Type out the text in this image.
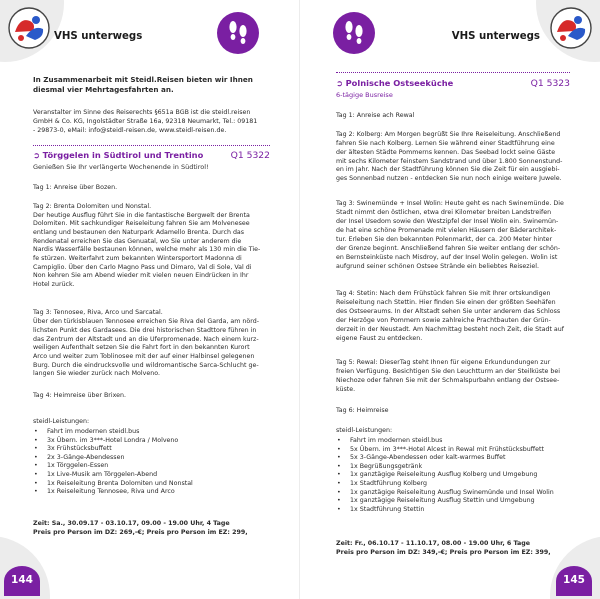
VHS unterwegs

In Zusammenarbeit mit Steidl.Reisen bieten wir Ihnen

diesmal vier Mehrtagesfahrten an.

Veranstalter im Sinne des Reiserechts §651a BGB ist die steidl.reisen

GmbH & Co. KG, Ingolstädter Straße 16a, 92318 Neumarkt, Tel.: 09181

- 29873-0, eMail: info@steidl-reisen.de, www.steidl-reisen.de.

➲ Törggelen in Südtirol und Trentino	Q1 5322
Genießen Sie Ihr verlängerte Wochenende in Südtirol!

Tag 1: Anreise über Bozen.

Tag 2: Brenta Dolomiten und Nonstal.

Der heutige Ausflug führt Sie in die fantastische Bergwelt der Brenta

Dolomiten. Mit sachkundiger Reiseleitung fahren Sie am Molvenesee

entlang und bestaunen den Naturpark Adamello Brenta. Durch das

Rendenatal erreichen Sie das Genuatal, wo Sie unter anderem die

Nardis Wasserfälle bestaunen können, welche mehr als 130 min die Tie-

fe stürzen. Weiterfahrt zum bekannten Wintersportort Madonna di

Campiglio. Über den Carlo Magno Pass und Dimaro, Val di Sole, Val di

Non kehren Sie am Abend wieder mit vielen neuen Eindrücken in Ihr

Hotel zurück.

Tag 3: Tennosee, Riva, Arco und Sarcatal.

Über den türkisblauen Tennosee erreichen Sie Riva del Garda, am nörd-

lichsten Punkt des Gardasees. Die drei historischen Stadttore führen in

das Zentrum der Altstadt und an die Uferpromenade. Nach einem kurz-

weiligen Aufenthalt setzen Sie die Fahrt fort in den bekannten Kurort

Arco und weiter zum Toblinosee mit der auf einer Halbinsel gelegenen

Burg. Durch die eindrucksvolle und wildromantische Sarca-Schlucht ge-

langen Sie wieder zurück nach Molveno.

Tag 4: Heimreise über Brixen.

steidl-Leistungen:

• Fahrt im modernen steidl.bus
• 3x Übern. im 3***-Hotel Londra / Molveno
• 3x Frühstücksbuffett
• 2x 3-Gänge-Abendessen
• 1x Törggelen-Essen
• 1x Live-Musik am Törggelen-Abend
• 1x Reiseleitung Brenta Dolomiten und Nonstal
• 1x Reiseleitung Tennosee, Riva und Arco

Zeit: Sa., 30.09.17 - 03.10.17, 09.00 - 19.00 Uhr, 4 Tage

Preis pro Person im DZ: 269,-€; Preis pro Person im EZ: 299,

144
VHS unterwegs
➲ Polnische Ostseeküche	Q1 5323
6-tägige Busreise

Tag 1: Anreise ach Rewal

Tag 2: Kolberg: Am Morgen begrüßt Sie Ihre Reiseleitung. Anschließend

fahren Sie nach Kolberg. Lernen Sie während einer Stadtführung eine

der ältesten Städte Pommerns kennen. Das Seebad lockt seine Gäste

mit sechs Kilometer feinstem Sandstrand und über 1.800 Sonnenstund-

en im Jahr. Nach der Stadtführung können Sie die Zeit für ein ausgiebi-

ges Sonnenbad nutzen - entdecken Sie nun noch einige weitere Juwele.

Tag 3: Swinemünde + Insel Wolin: Heute geht es nach Swinemünde. Die

Stadt nimmt den östlichen, etwa drei Kilometer breiten Landstreifen

der Insel Usedom sowie den Westzipfel der Insel Wolin ein. Swinemün-

de hat eine schöne Promenade mit vielen Häusern der Bäderarchitek-

tur. Erleben Sie den bekannten Polenmarkt, der ca. 200 Meter hinter

der Grenze beginnt. Anschließend fahren Sie weiter entlang der schön-

en Bernsteinküste nach Misdroy, auf der Insel Wolin gelegen. Wolin ist

aufgrund seiner schönen Ostsee Strände ein beliebtes Reiseziel.

Tag 4: Stetin: Nach dem Frühstück fahren Sie mit Ihrer ortskundigen

Reiseleitung nach Stettin. Hier finden Sie einen der größten Seehäfen

des Ostseeraums. In der Altstadt sehen Sie unter anderem das Schloss

der Herzöge von Pommern sowie zahlreiche Prachtbauten der Grün-

derzeit in der Neustadt. Am Nachmittag besteht noch Zeit, die Stadt auf

eigene Faust zu entdecken.

Tag 5: Rewal: DieserTag steht Ihnen für eigene Erkundundungen zur

freien Verfügung. Besichtigen Sie den Leuchtturm an der Steilküste bei

Niechoze oder fahren Sie mit der Schmalspurbahn entlang der Ostsee-

küste.

Tag 6: Heimreise

steidl-Leistungen:

• Fahrt im modernen steidl.bus
• 5x Übern. im 3***-Hotel Alcest in Rewal mit Frühstücksbuffett
• 5x 3-Gänge-Abendessen oder kalt-warmes Buffet
• 1x Begrüßungsgetränk
• 1x ganztägige Reiseleitung Ausflug Kolberg und Umgebung
• 1x Stadtführung Kolberg
• 1x ganztägige Reiseleitung Ausflug Swinemünde und Insel Wolin
• 1x ganztägige Reiseleitung Ausflug Stettin und Umgebung
• 1x Stadtführung Stettin

Zeit: Fr., 06.10.17 - 11.10.17, 08.00 - 19.00 Uhr, 6 Tage

Preis pro Person im DZ: 349,-€; Preis pro Person im EZ: 399,

145
